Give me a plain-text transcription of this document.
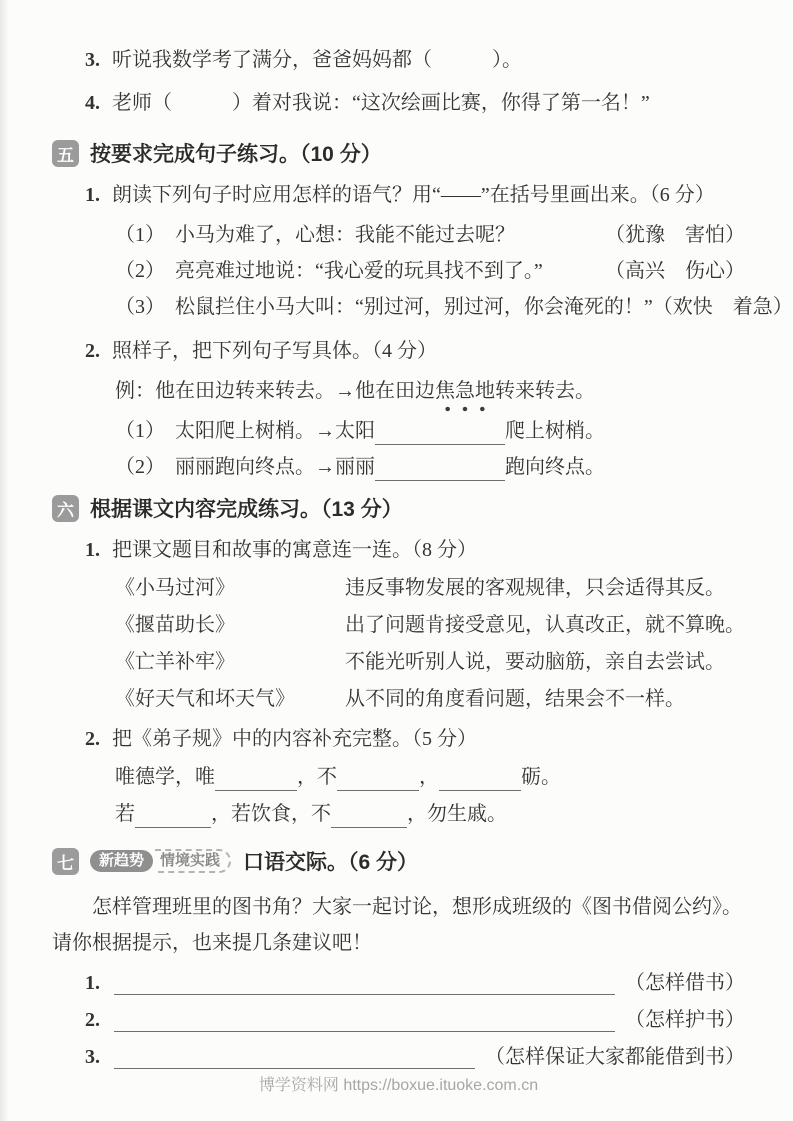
3. 听说我数学考了满分，爸爸妈妈都（　　　）。
4. 老师（　　　）着对我说：“这次绘画比赛，你得了第一名！”
五 按要求完成句子练习。（10 分）
1. 朗读下列句子时应用怎样的语气？用“——”在括号里画出来。（6 分）
（1） 小马为难了，心想：我能不能过去呢？	（犹豫　害怕）
（2） 亮亮难过地说：“我心爱的玩具找不到了。”	（高兴　伤心）
（3） 松鼠拦住小马大叫：“别过河，别过河，你会淹死的！” （欢快　着急）
2. 照样子，把下列句子写具体。（4 分）
例：他在田边转来转去。→他在田边焦急地转来转去。
（1） 太阳爬上树梢。→太阳	爬上树梢。
（2） 丽丽跑向终点。→丽丽	跑向终点。
六 根据课文内容完成练习。（13 分）
1. 把课文题目和故事的寓意连一连。（8 分）
《小马过河》	违反事物发展的客观规律，只会适得其反。
《揠苗助长》	出了问题肯接受意见，认真改正，就不算晚。
《亡羊补牢》	不能光听别人说，要动脑筋，亲自去尝试。
《好天气和坏天气》	从不同的角度看问题，结果会不一样。
2. 把《弟子规》中的内容补充完整。（5 分）
唯德学，唯	，不	，	砺。
若	，若饮食，不	，勿生戚。
七	新趋势	情境实践	口语交际。（6 分）
怎样管理班里的图书角？大家一起讨论，想形成班级的《图书借阅公约》。请你根据提示，也来提几条建议吧！
1.	（怎样借书）
2.	（怎样护书）
3.	（怎样保证大家都能借到书）
博学资料网 https://boxue.ituoke.com.cn
